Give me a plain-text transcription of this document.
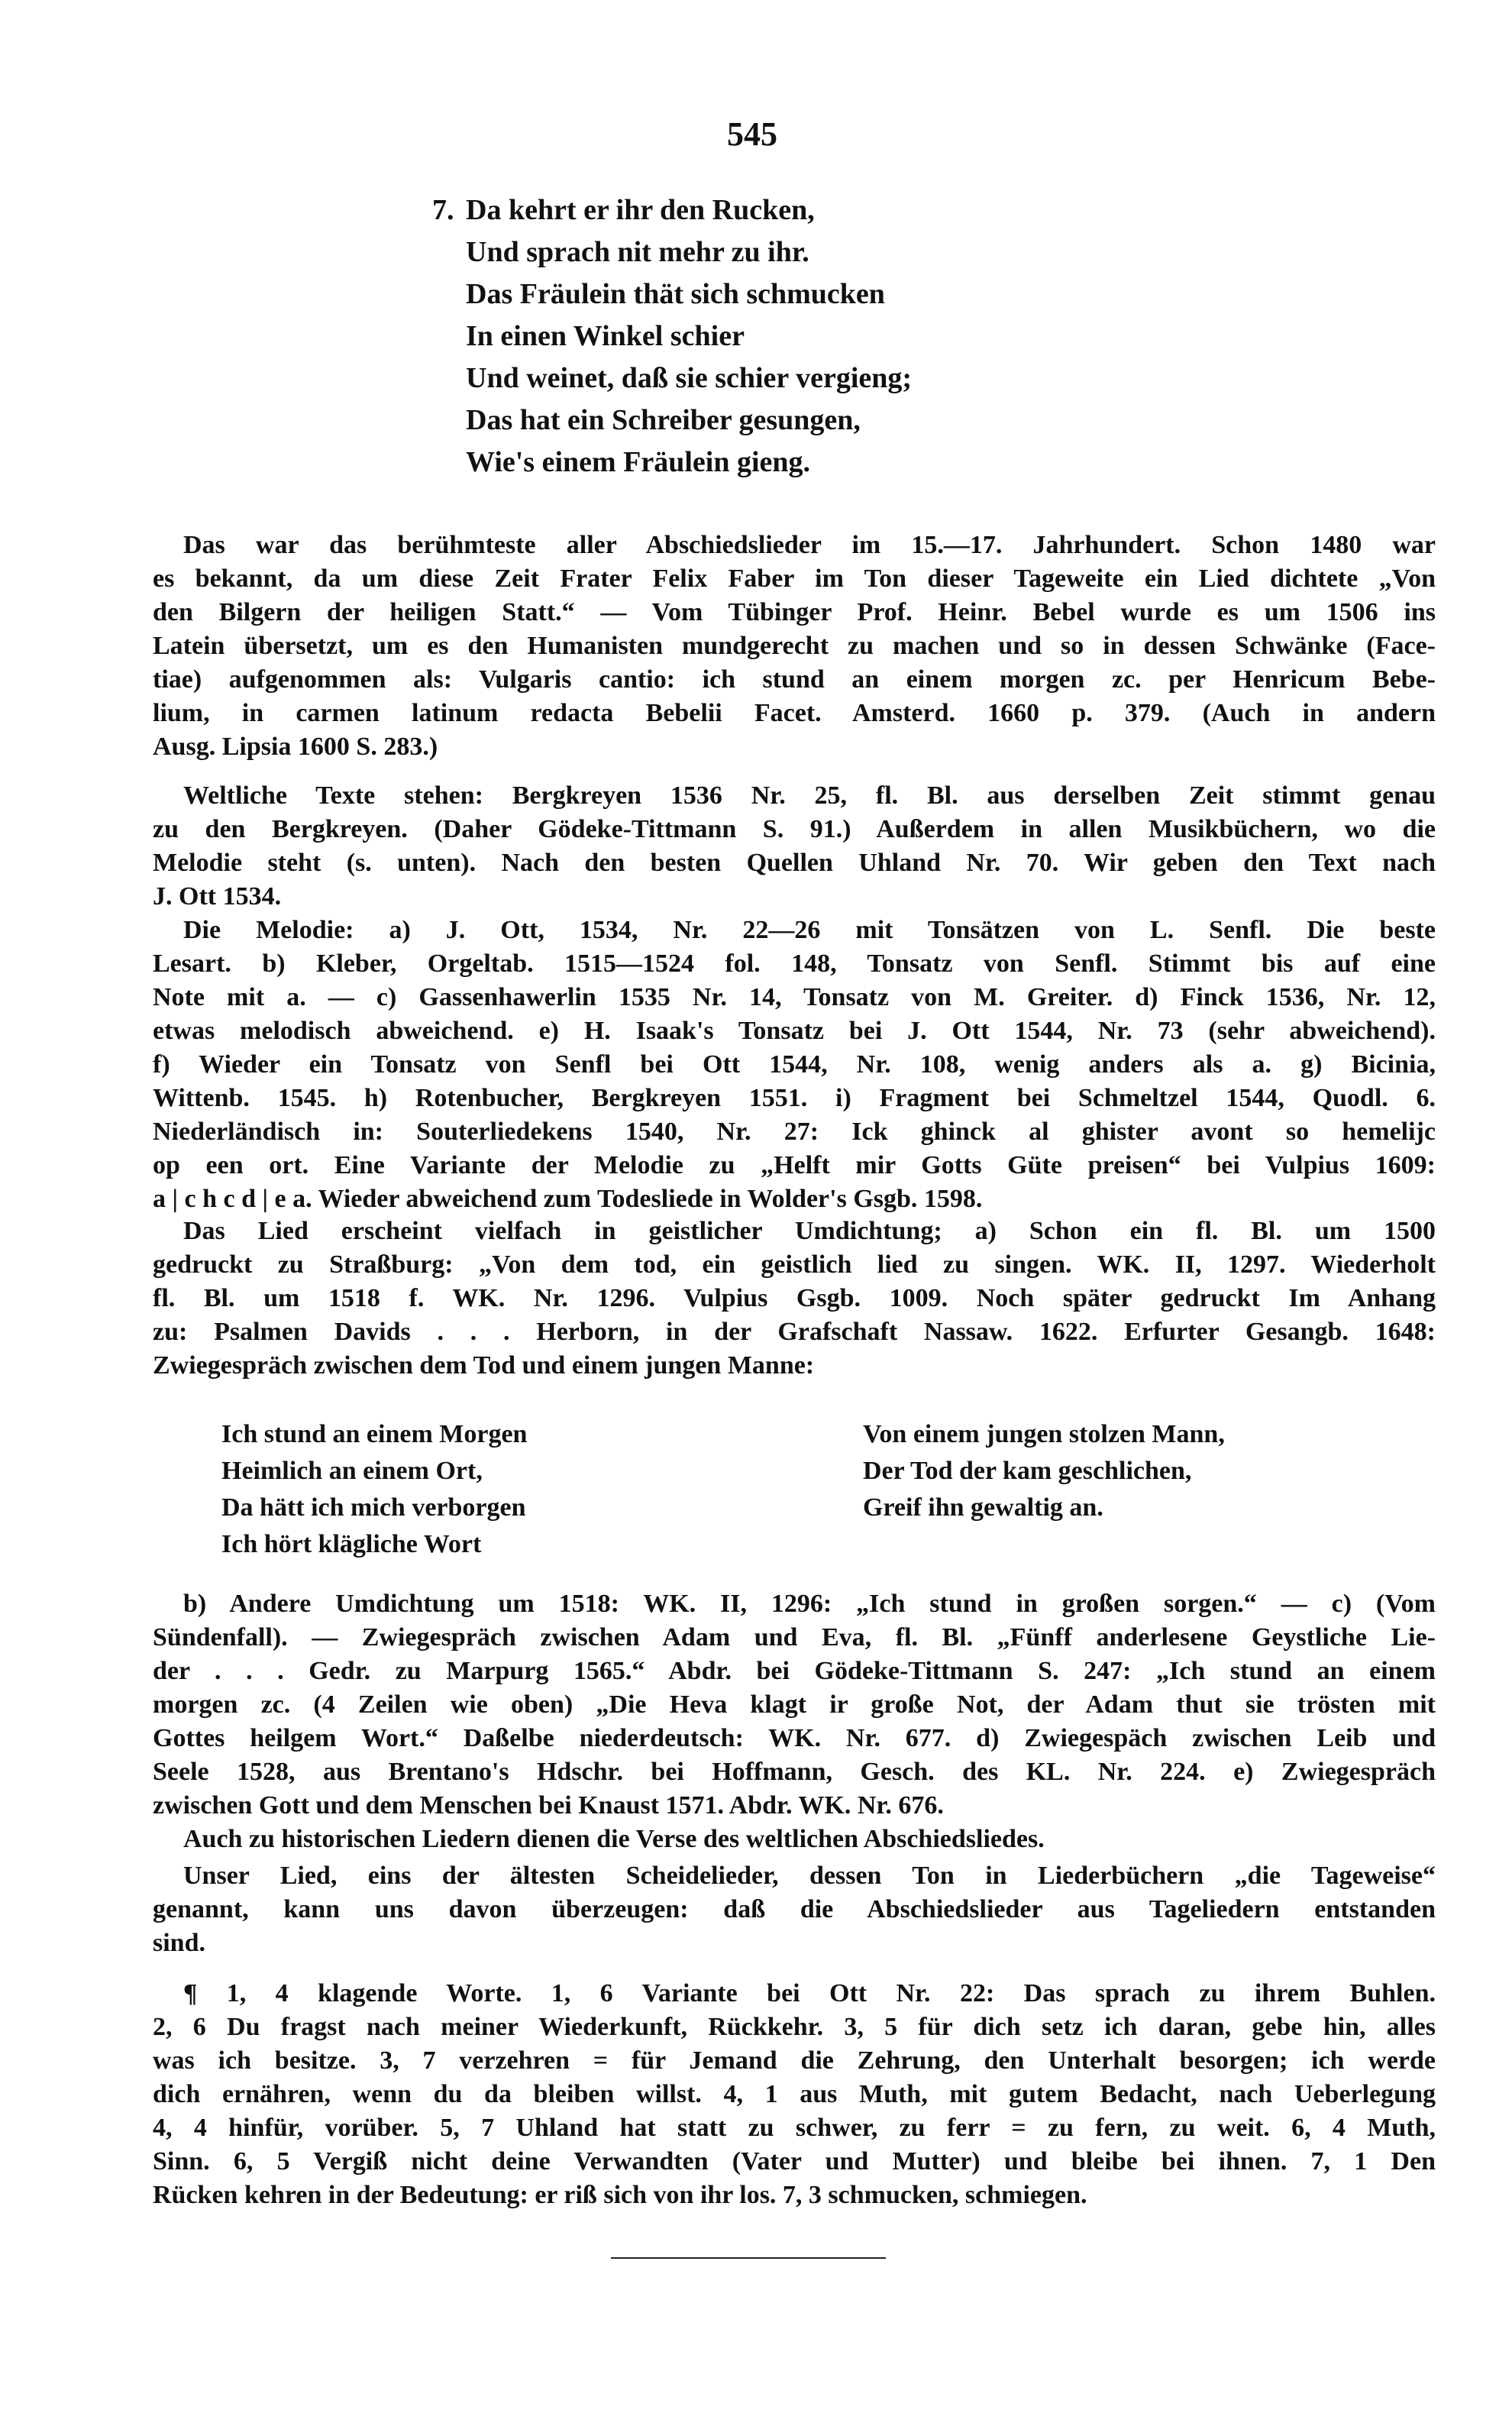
545
7. Da kehrt er ihr den Rucken,
Und sprach nit mehr zu ihr.
Das Fräulein thät sich schmucken
In einen Winkel schier
Und weinet, daß sie schier vergieng;
Das hat ein Schreiber gesungen,
Wie's einem Fräulein gieng.
Das war das berühmteste aller Abschiedslieder im 15.—17. Jahrhundert. Schon 1480 war
es bekannt, da um diese Zeit Frater Felix Faber im Ton dieser Tageweite ein Lied dichtete „Von
den Bilgern der heiligen Statt.“ — Vom Tübinger Prof. Heinr. Bebel wurde es um 1506 ins
Latein übersetzt, um es den Humanisten mundgerecht zu machen und so in dessen Schwänke (Face-
tiae) aufgenommen als: Vulgaris cantio: ich stund an einem morgen zc. per Henricum Bebe-
lium, in carmen latinum redacta Bebelii Facet. Amsterd. 1660 p. 379. (Auch in andern
Ausg. Lipsia 1600 S. 283.)
Weltliche Texte stehen: Bergkreyen 1536 Nr. 25, fl. Bl. aus derselben Zeit stimmt genau
zu den Bergkreyen. (Daher Gödeke-Tittmann S. 91.) Außerdem in allen Musikbüchern, wo die
Melodie steht (s. unten). Nach den besten Quellen Uhland Nr. 70. Wir geben den Text nach
J. Ott 1534.
Die Melodie: a) J. Ott, 1534, Nr. 22—26 mit Tonsätzen von L. Senfl. Die beste
Lesart. b) Kleber, Orgeltab. 1515—1524 fol. 148, Tonsatz von Senfl. Stimmt bis auf eine
Note mit a. — c) Gassenhawerlin 1535 Nr. 14, Tonsatz von M. Greiter. d) Finck 1536, Nr. 12,
etwas melodisch abweichend. e) H. Isaak's Tonsatz bei J. Ott 1544, Nr. 73 (sehr abweichend).
f) Wieder ein Tonsatz von Senfl bei Ott 1544, Nr. 108, wenig anders als a. g) Bicinia,
Wittenb. 1545. h) Rotenbucher, Bergkreyen 1551. i) Fragment bei Schmeltzel 1544, Quodl. 6.
Niederländisch in: Souterliedekens 1540, Nr. 27: Ick ghinck al ghister avont so hemelijc
op een ort. Eine Variante der Melodie zu „Helft mir Gotts Güte preisen“ bei Vulpius 1609:
a | c h c d | e a. Wieder abweichend zum Todesliede in Wolder's Gsgb. 1598.
Das Lied erscheint vielfach in geistlicher Umdichtung; a) Schon ein fl. Bl. um 1500
gedruckt zu Straßburg: „Von dem tod, ein geistlich lied zu singen. WK. II, 1297. Wiederholt
fl. Bl. um 1518 f. WK. Nr. 1296. Vulpius Gsgb. 1009. Noch später gedruckt Im Anhang
zu: Psalmen Davids . . . Herborn, in der Grafschaft Nassaw. 1622. Erfurter Gesangb. 1648:
Zwiegespräch zwischen dem Tod und einem jungen Manne:
b) Andere Umdichtung um 1518: WK. II, 1296: „Ich stund in großen sorgen.“ — c) (Vom
Sündenfall). — Zwiegespräch zwischen Adam und Eva, fl. Bl. „Fünff anderlesene Geystliche Lie-
der . . . Gedr. zu Marpurg 1565.“ Abdr. bei Gödeke-Tittmann S. 247: „Ich stund an einem
morgen zc. (4 Zeilen wie oben) „Die Heva klagt ir große Not, der Adam thut sie trösten mit
Gottes heilgem Wort.“ Daßelbe niederdeutsch: WK. Nr. 677. d) Zwiegespäch zwischen Leib und
Seele 1528, aus Brentano's Hdschr. bei Hoffmann, Gesch. des KL. Nr. 224. e) Zwiegespräch
zwischen Gott und dem Menschen bei Knaust 1571. Abdr. WK. Nr. 676.
Auch zu historischen Liedern dienen die Verse des weltlichen Abschiedsliedes.
Unser Lied, eins der ältesten Scheidelieder, dessen Ton in Liederbüchern „die Tageweise“
genannt, kann uns davon überzeugen: daß die Abschiedslieder aus Tageliedern entstanden
sind.
¶ 1, 4 klagende Worte. 1, 6 Variante bei Ott Nr. 22: Das sprach zu ihrem Buhlen.
2, 6 Du fragst nach meiner Wiederkunft, Rückkehr. 3, 5 für dich setz ich daran, gebe hin, alles
was ich besitze. 3, 7 verzehren = für Jemand die Zehrung, den Unterhalt besorgen; ich werde
dich ernähren, wenn du da bleiben willst. 4, 1 aus Muth, mit gutem Bedacht, nach Ueberlegung
4, 4 hinfür, vorüber. 5, 7 Uhland hat statt zu schwer, zu ferr = zu fern, zu weit. 6, 4 Muth,
Sinn. 6, 5 Vergiß nicht deine Verwandten (Vater und Mutter) und bleibe bei ihnen. 7, 1 Den
Rücken kehren in der Bedeutung: er riß sich von ihr los. 7, 3 schmucken, schmiegen.
Ich stund an einem Morgen
Heimlich an einem Ort,
Da hätt ich mich verborgen
Ich hört klägliche Wort
Von einem jungen stolzen Mann,
Der Tod der kam geschlichen,
Greif ihn gewaltig an.
